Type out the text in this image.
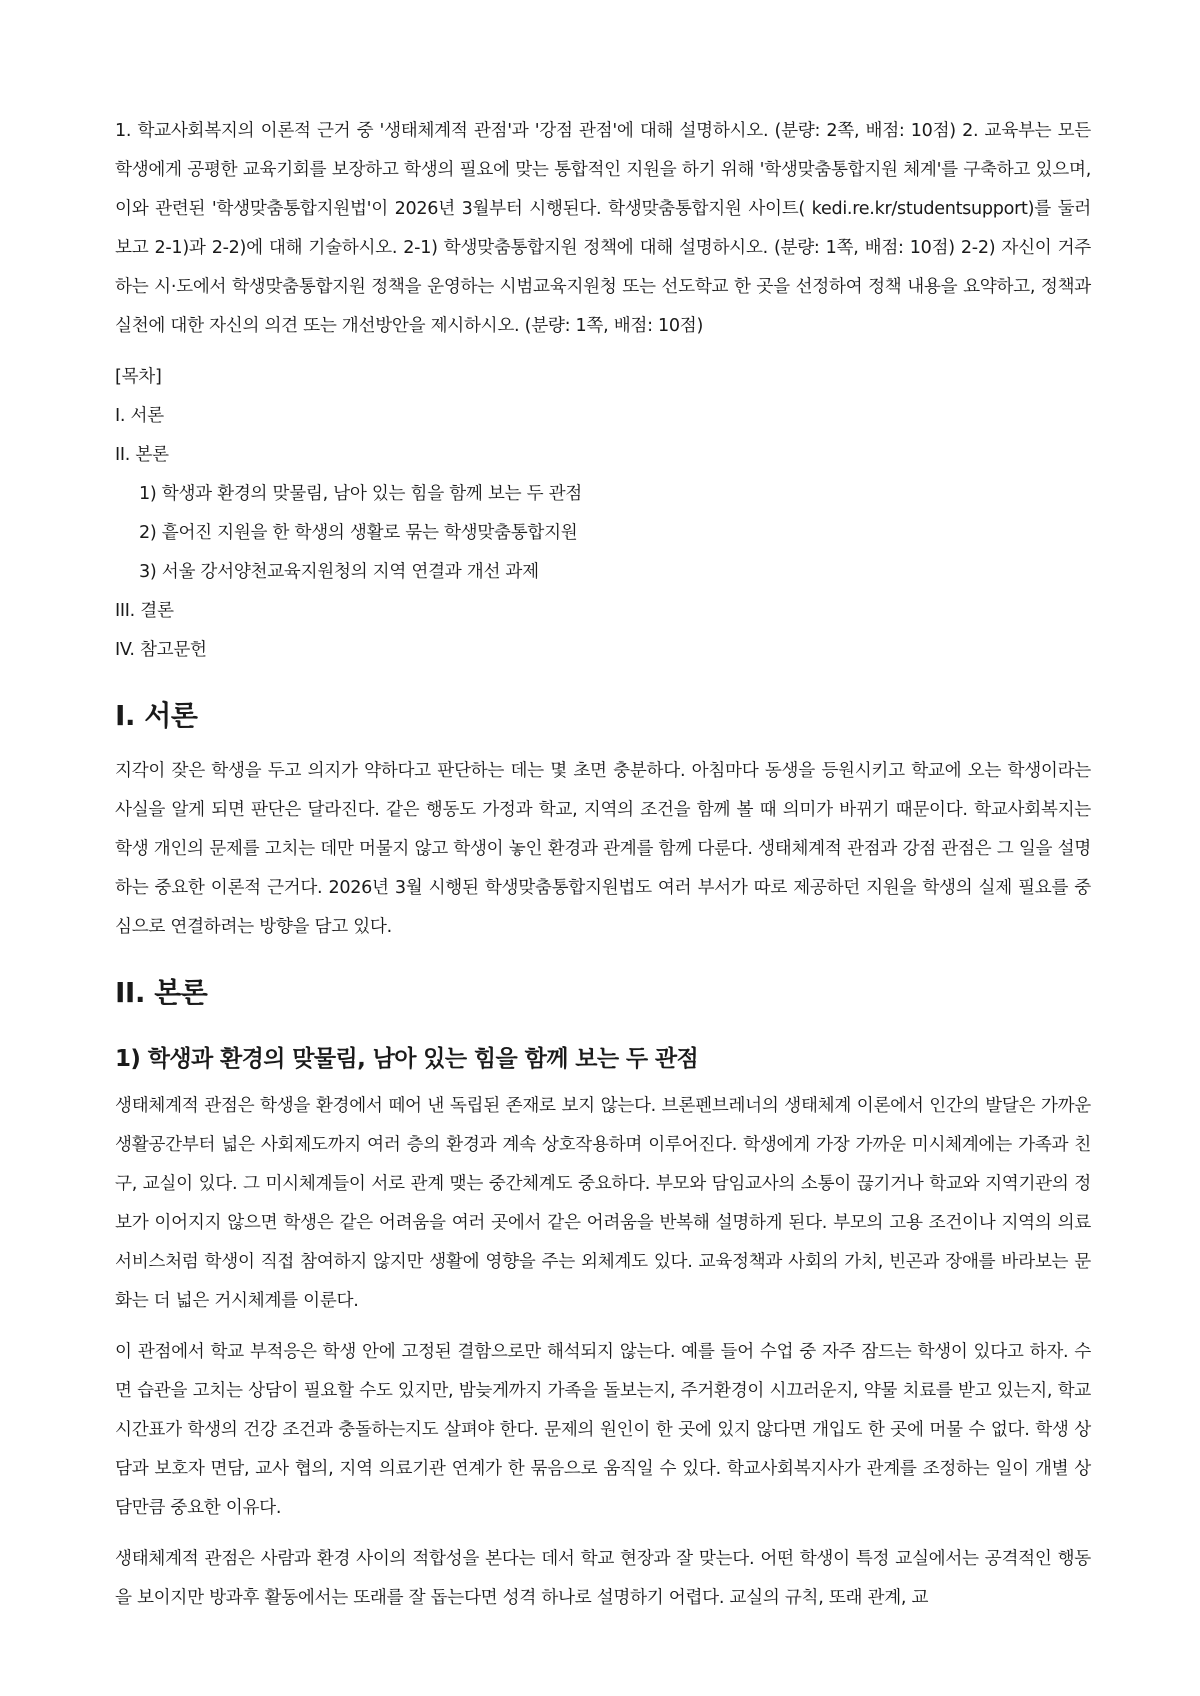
1. 학교사회복지의 이론적 근거 중 '생태체계적 관점'과 '강점 관점'에 대해 설명하시오. (분량: 2쪽, 배점: 10점) 2. 교육부는 모든 학생에게 공평한 교육기회를 보장하고 학생의 필요에 맞는 통합적인 지원을 하기 위해 '학생맞춤통합지원 체계'를 구축하고 있으며, 이와 관련된 '학생맞춤통합지원법'이 2026년 3월부터 시행된다. 학생맞춤통합지원 사이트( kedi.re.kr/studentsupport)를 둘러보고 2-1)과 2-2)에 대해 기술하시오. 2-1) 학생맞춤통합지원 정책에 대해 설명하시오. (분량: 1쪽, 배점: 10점) 2-2) 자신이 거주하는 시·도에서 학생맞춤통합지원 정책을 운영하는 시범교육지원청 또는 선도학교 한 곳을 선정하여 정책 내용을 요약하고, 정책과 실천에 대한 자신의 의견 또는 개선방안을 제시하시오. (분량: 1쪽, 배점: 10점)

[목차]

I. 서론

II. 본론

1) 학생과 환경의 맞물림, 남아 있는 힘을 함께 보는 두 관점

2) 흩어진 지원을 한 학생의 생활로 묶는 학생맞춤통합지원

3) 서울 강서양천교육지원청의 지역 연결과 개선 과제

III. 결론

IV. 참고문헌

I. 서론

지각이 잦은 학생을 두고 의지가 약하다고 판단하는 데는 몇 초면 충분하다. 아침마다 동생을 등원시키고 학교에 오는 학생이라는 사실을 알게 되면 판단은 달라진다. 같은 행동도 가정과 학교, 지역의 조건을 함께 볼 때 의미가 바뀌기 때문이다. 학교사회복지는 학생 개인의 문제를 고치는 데만 머물지 않고 학생이 놓인 환경과 관계를 함께 다룬다. 생태체계적 관점과 강점 관점은 그 일을 설명하는 중요한 이론적 근거다. 2026년 3월 시행된 학생맞춤통합지원법도 여러 부서가 따로 제공하던 지원을 학생의 실제 필요를 중심으로 연결하려는 방향을 담고 있다.

II. 본론
1) 학생과 환경의 맞물림, 남아 있는 힘을 함께 보는 두 관점

생태체계적 관점은 학생을 환경에서 떼어 낸 독립된 존재로 보지 않는다. 브론펜브레너의 생태체계 이론에서 인간의 발달은 가까운 생활공간부터 넓은 사회제도까지 여러 층의 환경과 계속 상호작용하며 이루어진다. 학생에게 가장 가까운 미시체계에는 가족과 친구, 교실이 있다. 그 미시체계들이 서로 관계 맺는 중간체계도 중요하다. 부모와 담임교사의 소통이 끊기거나 학교와 지역기관의 정보가 이어지지 않으면 학생은 같은 어려움을 여러 곳에서 같은 어려움을 반복해 설명하게 된다. 부모의 고용 조건이나 지역의 의료서비스처럼 학생이 직접 참여하지 않지만 생활에 영향을 주는 외체계도 있다. 교육정책과 사회의 가치, 빈곤과 장애를 바라보는 문화는 더 넓은 거시체계를 이룬다.

이 관점에서 학교 부적응은 학생 안에 고정된 결함으로만 해석되지 않는다. 예를 들어 수업 중 자주 잠드는 학생이 있다고 하자. 수면 습관을 고치는 상담이 필요할 수도 있지만, 밤늦게까지 가족을 돌보는지, 주거환경이 시끄러운지, 약물 치료를 받고 있는지, 학교 시간표가 학생의 건강 조건과 충돌하는지도 살펴야 한다. 문제의 원인이 한 곳에 있지 않다면 개입도 한 곳에 머물 수 없다. 학생 상담과 보호자 면담, 교사 협의, 지역 의료기관 연계가 한 묶음으로 움직일 수 있다. 학교사회복지사가 관계를 조정하는 일이 개별 상담만큼 중요한 이유다.

생태체계적 관점은 사람과 환경 사이의 적합성을 본다는 데서 학교 현장과 잘 맞는다. 어떤 학생이 특정 교실에서는 공격적인 행동을 보이지만 방과후 활동에서는 또래를 잘 돕는다면 성격 하나로 설명하기 어렵다. 교실의 규칙, 또래 관계, 교
